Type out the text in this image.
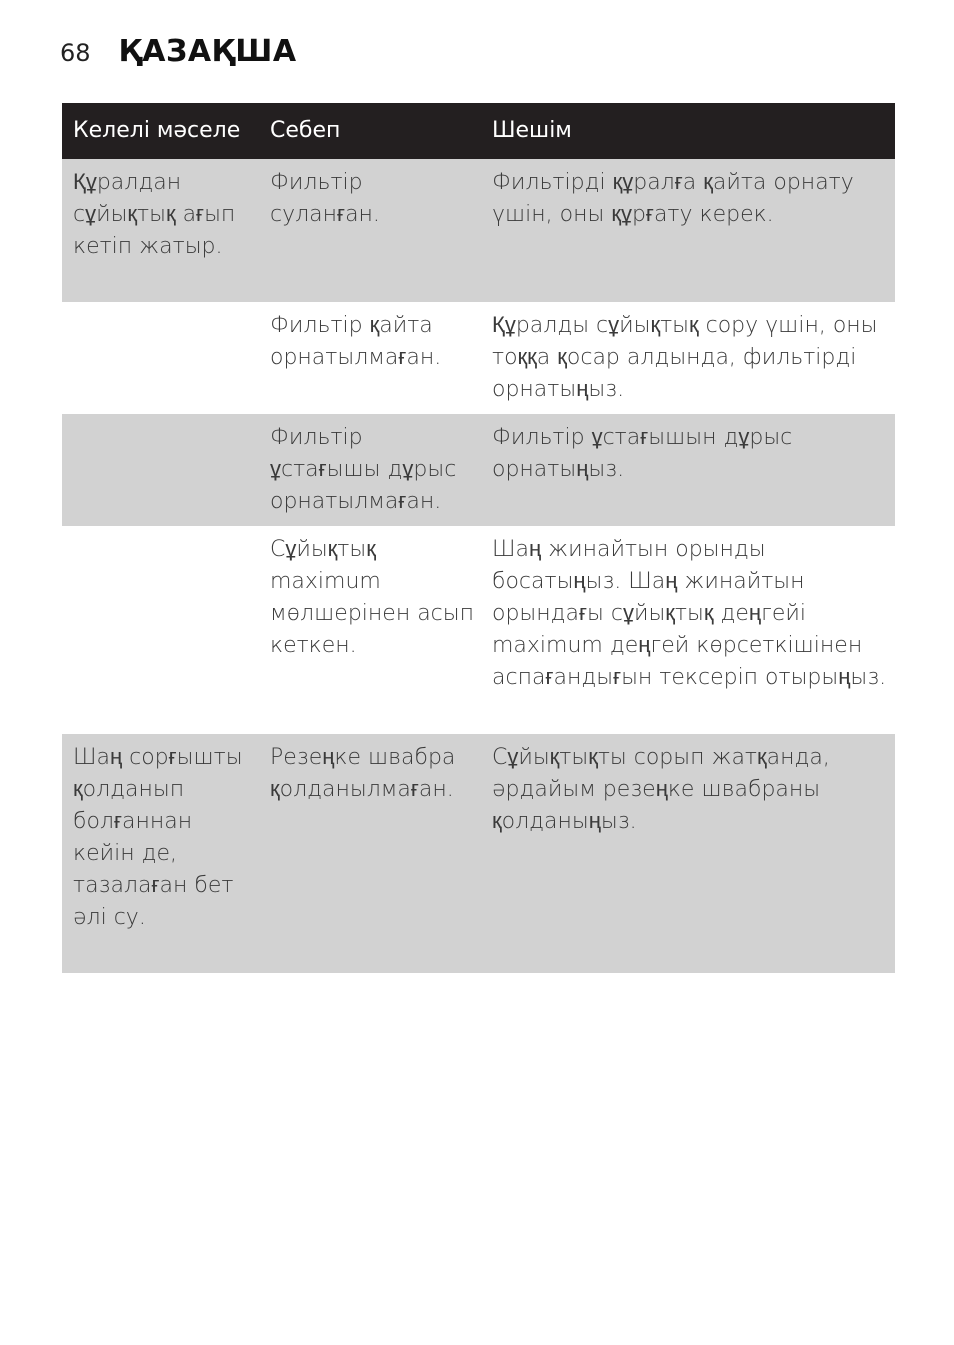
68 ҚАЗАҚША
Келелі мәселе	Себеп	Шешім
Құралдан сұйықтық ағып кетіп жатыр.
Фильтір суланған.
Фильтірді құралға қайта орнату үшін, оны құрғату керек.
Фильтір қайта орнатылмаған.
Құралды сұйықтық сору үшін, оны тоққа қосар алдында, фильтірді орнатыңыз.
Фильтір ұстағышы дұрыс орнатылмаған.
Фильтір ұстағышын дұрыс орнатыңыз.
Сұйықтық maximum мөлшерінен асып кеткен.
Шаң жинайтын орынды босатыңыз. Шаң жинайтын орындағы сұйықтық деңгейі maximum деңгей көрсеткішінен аспағандығын тексеріп отырыңыз.
Шаң сорғышты қолданып болғаннан кейін де, тазалаған бет әлі су.
Резеңке швабра қолданылмаған.
Сұйықтықты сорып жатқанда, әрдайым резеңке швабраны қолданыңыз.
